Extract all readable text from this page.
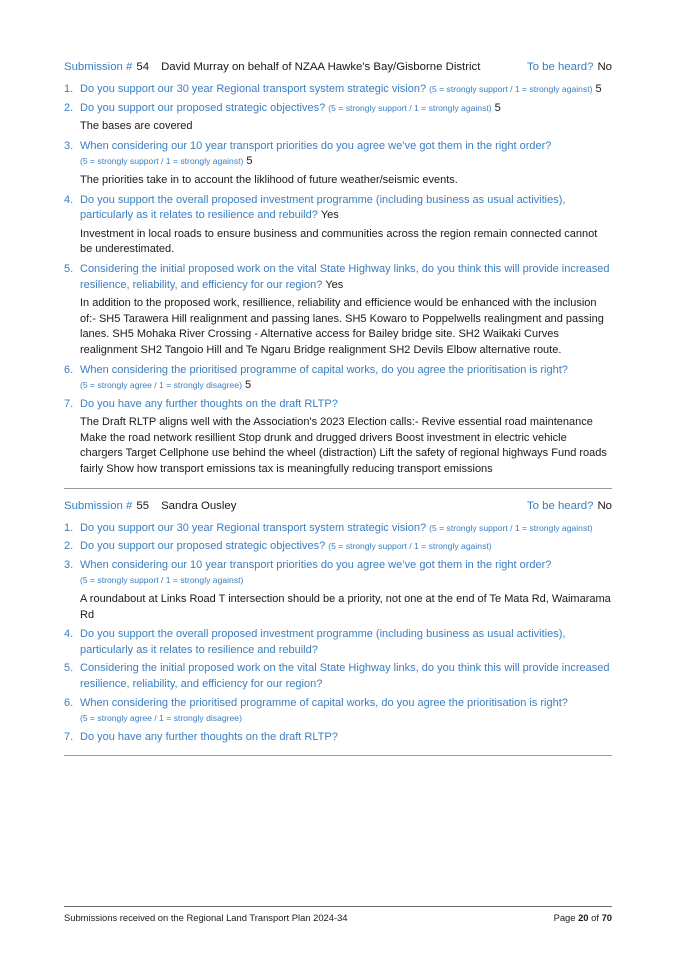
Submission # 54 David Murray on behalf of NZAA Hawke's Bay/Gisborne District	To be heard? No
1. Do you support our 30 year Regional transport system strategic vision? (5 = strongly support / 1 = strongly against) 5
2. Do you support our proposed strategic objectives? (5 = strongly support / 1 = strongly against) 5
The bases are covered
3. When considering our 10 year transport priorities do you agree we’ve got them in the right order?
(5 = strongly support / 1 = strongly against) 5
The priorities take in to account the liklihood of future weather/seismic events.
4. Do you support the overall proposed investment programme (including business as usual activities), particularly as it relates to resilience and rebuild? Yes
Investment in local roads to ensure business and communities across the region remain connected cannot be underestimated.
5. Considering the initial proposed work on the vital State Highway links, do you think this will provide increased resilience, reliability, and efficiency for our region? Yes
In addition to the proposed work, resillience, reliability and efficience would be enhanced with the inclusion of:- SH5 Tarawera Hill realignment and passing lanes. SH5 Kowaro to Poppelwells realingment and passing lanes. SH5 Mohaka River Crossing - Alternative access for Bailey bridge site. SH2 Waikaki Curves realignment SH2 Tangoio Hill and Te Ngaru Bridge realignment SH2 Devils Elbow alternative route.
6. When considering the prioritised programme of capital works, do you agree the prioritisation is right?
(5 = strongly agree / 1 = strongly disagree) 5
7. Do you have any further thoughts on the draft RLTP?
The Draft RLTP aligns well with the Association's 2023 Election calls:- Revive essential road maintenance Make the road network resillient Stop drunk and drugged drivers Boost investment in electric vehicle chargers Target Cellphone use behind the wheel (distraction) Lift the safety of regional highways Fund roads fairly Show how transport emissions tax is meaningfully reducing transport emissions
Submission # 55 Sandra Ousley	To be heard? No
1. Do you support our 30 year Regional transport system strategic vision? (5 = strongly support / 1 = strongly against)
2. Do you support our proposed strategic objectives? (5 = strongly support / 1 = strongly against)
3. When considering our 10 year transport priorities do you agree we’ve got them in the right order?
(5 = strongly support / 1 = strongly against)
A roundabout at Links Road T intersection should be a priority, not one at the end of Te Mata Rd, Waimarama Rd
4. Do you support the overall proposed investment programme (including business as usual activities), particularly as it relates to resilience and rebuild?
5. Considering the initial proposed work on the vital State Highway links, do you think this will provide increased resilience, reliability, and efficiency for our region?
6. When considering the prioritised programme of capital works, do you agree the prioritisation is right?
(5 = strongly agree / 1 = strongly disagree)
7. Do you have any further thoughts on the draft RLTP?
Submissions received on the Regional Land Transport Plan 2024-34	Page 20 of 70
